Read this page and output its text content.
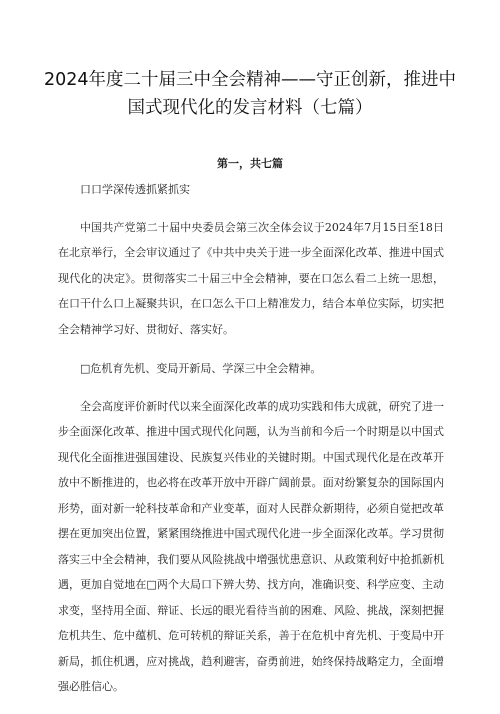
2024年度二十届三中全会精神——守正创新，推进中
国式现代化的发言材料（七篇）
第一，共七篇

口口学深传透抓紧抓实

中国共产党第二十届中央委员会第三次全体会议于2024年7月15日至18日在北京举行，全会审议通过了《中共中央关于进一步全面深化改革、推进中国式现代化的决定》。贯彻落实二十届三中全会精神，要在口怎么看二上统一思想，在口干什么口上凝聚共识，在口怎么干口上精准发力，结合本单位实际，切实把全会精神学习好、贯彻好、落实好。

□危机育先机、变局开新局、学深三中全会精神。

全会高度评价新时代以来全面深化改革的成功实践和伟大成就，研究了进一步全面深化改革、推进中国式现代化问题，认为当前和今后一个时期是以中国式现代化全面推进强国建设、民族复兴伟业的关键时期。中国式现代化是在改革开放中不断推进的，也必将在改革开放中开辟广阔前景。面对纷繁复杂的国际国内形势，面对新一轮科技革命和产业变革，面对人民群众新期待，必须自觉把改革摆在更加突出位置，紧紧围绕推进中国式现代化进一步全面深化改革。学习贯彻落实三中全会精神，我们要从风险挑战中增强忧患意识、从政策利好中抢抓新机遇，更加自觉地在□两个大局口下辨大势、找方向，准确识变、科学应变、主动求变，坚持用全面、辩证、长远的眼光看待当前的困难、风险、挑战，深刻把握危机共生、危中蕴机、危可转机的辩证关系，善于在危机中育先机、于变局中开新局，抓住机遇，应对挑战，趋利避害，奋勇前进，始终保持战略定力，全面增强必胜信心。
